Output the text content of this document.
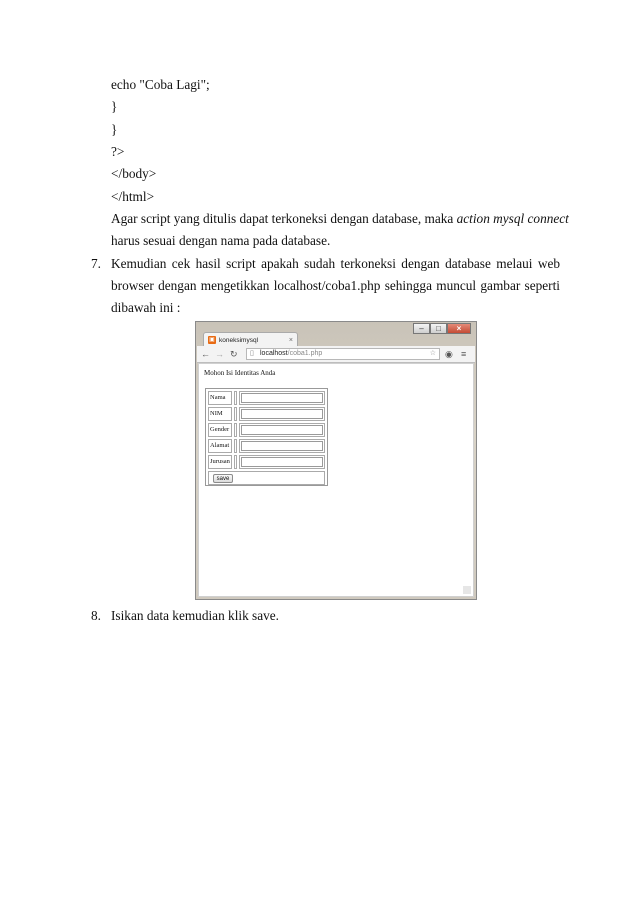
echo "Coba Lagi";
}
}
?>
</body>
</html>
Agar script yang ditulis dapat terkoneksi dengan database, maka action mysql connect
harus sesuai dengan nama pada database.
7. Kemudian cek hasil script apakah sudah terkoneksi dengan database melaui web
browser dengan mengetikkan localhost/coba1.php sehingga muncul gambar seperti
dibawah ini :
–	□	×
▣ koneksimysql	×
← → ↻ ▯ localhost/coba1.php	☆ ◉ ≡
Mohon Isi Identitas Anda
Nama
NIM
Gender
Alamat
Jurusan
save
8. Isikan data kemudian klik save.
